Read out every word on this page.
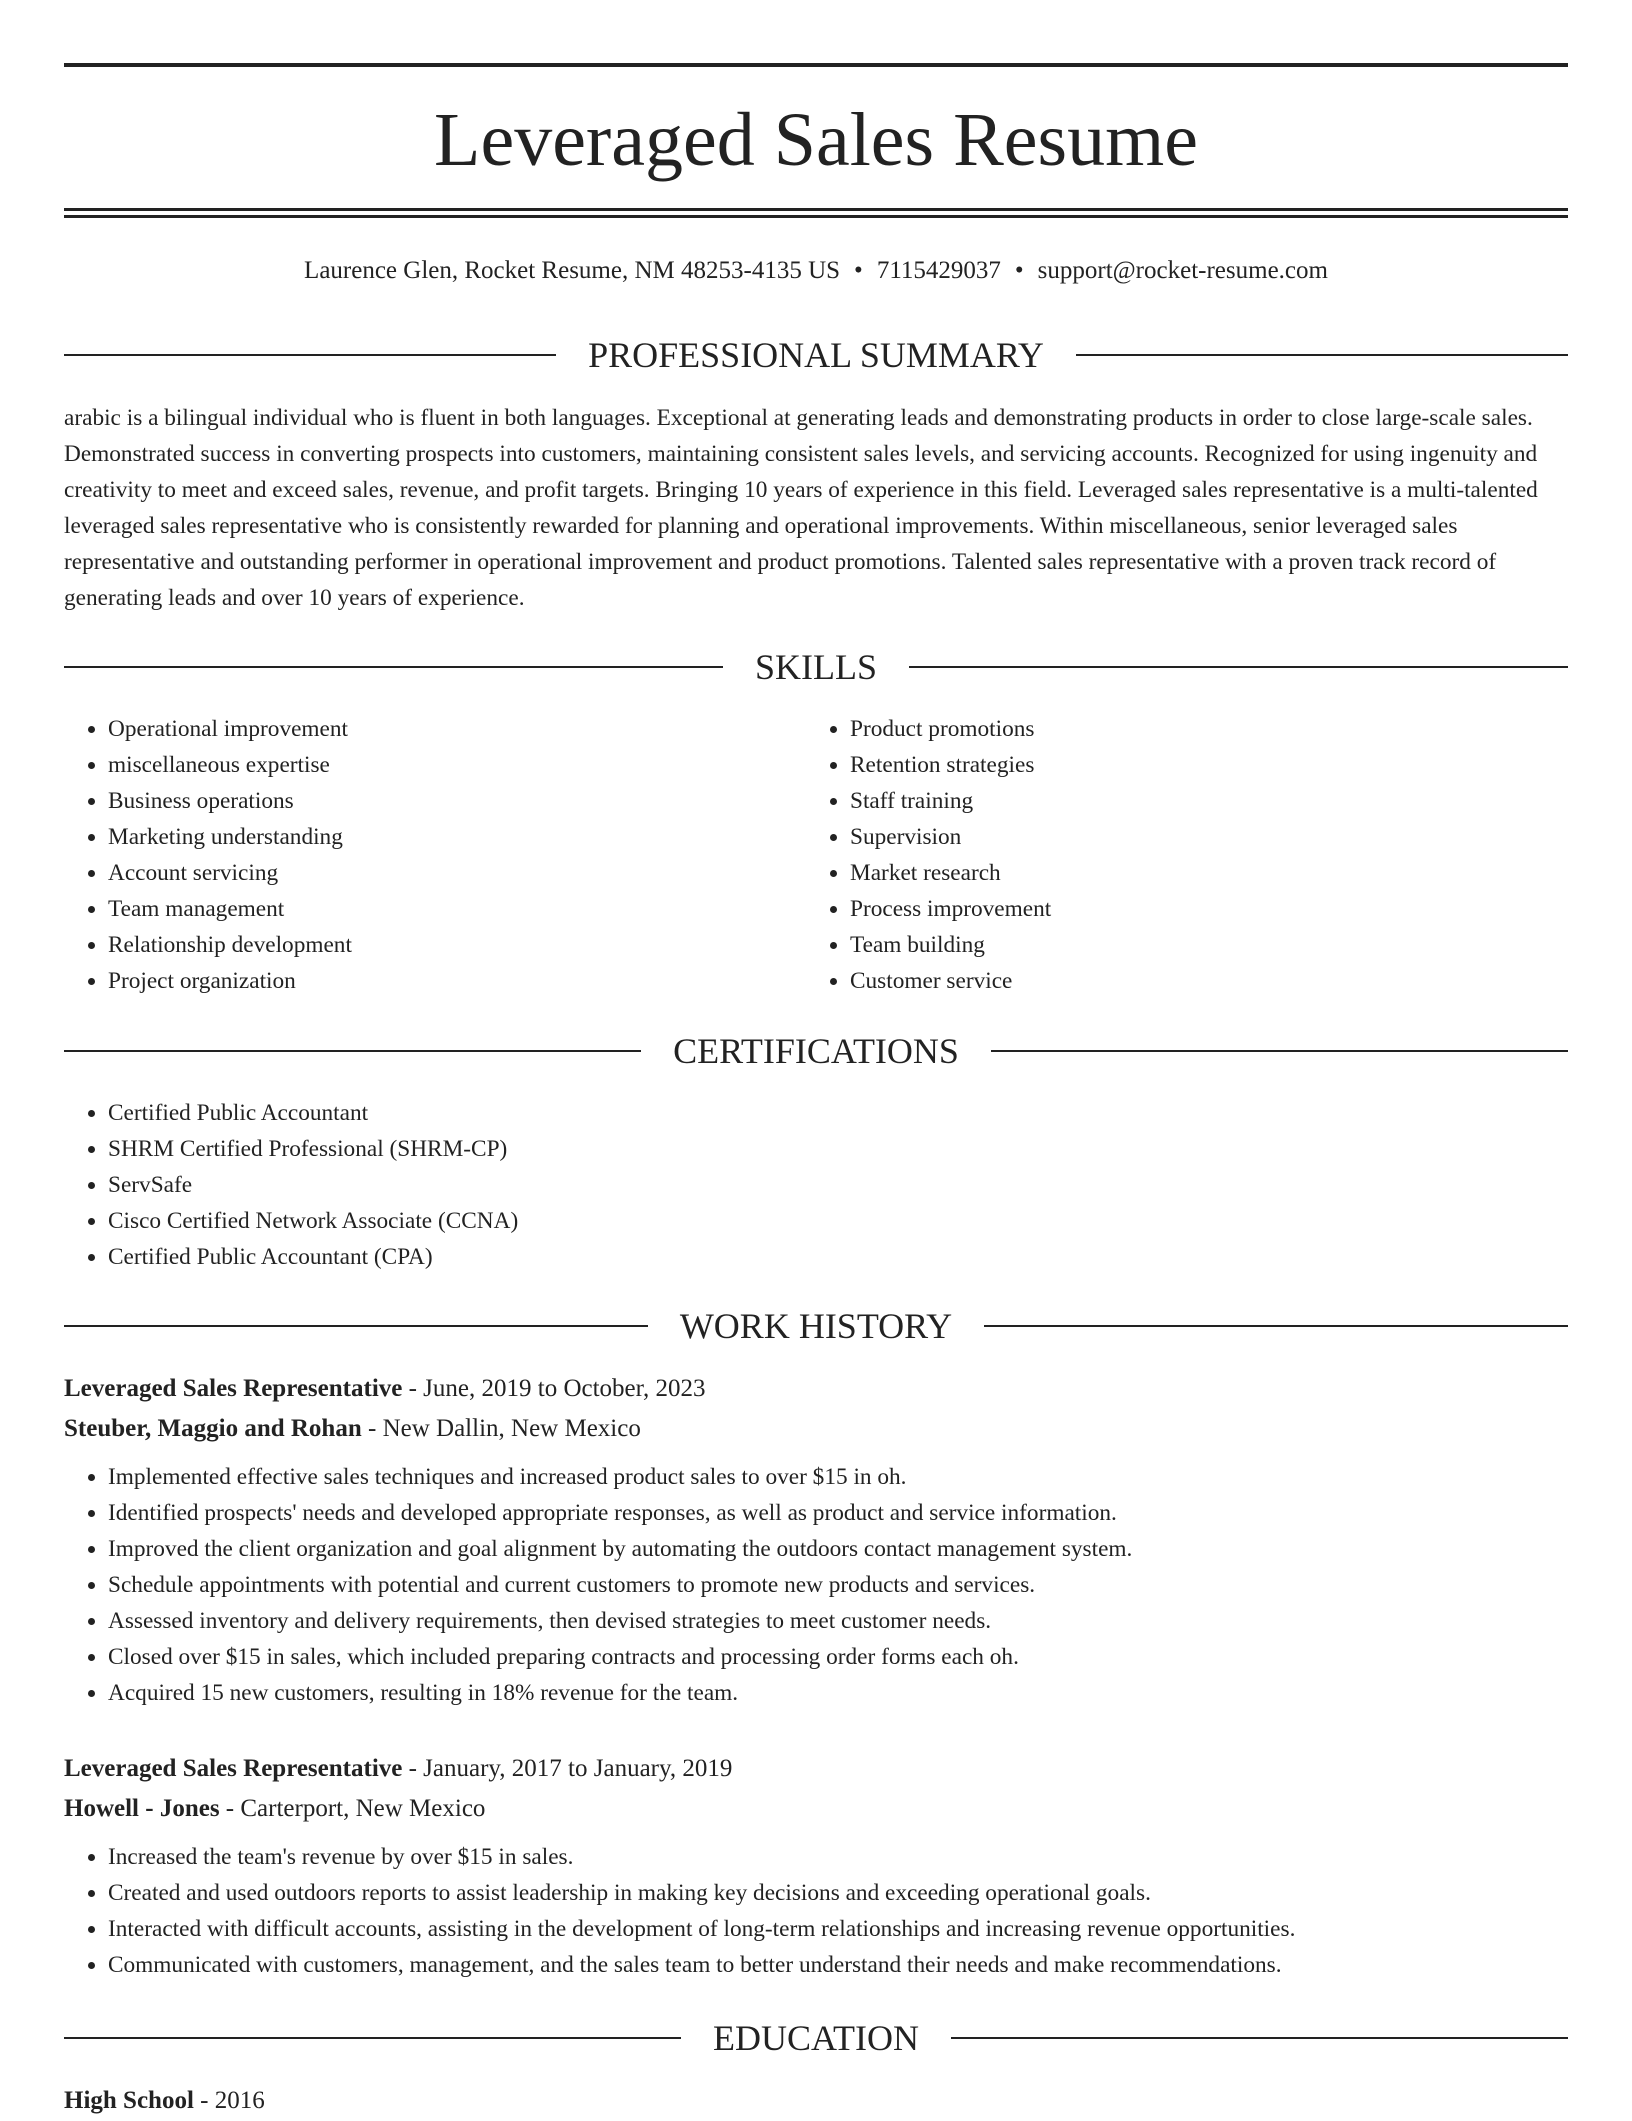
Leveraged Sales Resume
Laurence Glen, Rocket Resume, NM 48253-4135 US • 7115429037 • support@rocket-resume.com
PROFESSIONAL SUMMARY

arabic is a bilingual individual who is fluent in both languages. Exceptional at generating leads and demonstrating products in order to close large-scale sales. Demonstrated success in converting prospects into customers, maintaining consistent sales levels, and servicing accounts. Recognized for using ingenuity and creativity to meet and exceed sales, revenue, and profit targets. Bringing 10 years of experience in this field. Leveraged sales representative is a multi-talented leveraged sales representative who is consistently rewarded for planning and operational improvements. Within miscellaneous, senior leveraged sales representative and outstanding performer in operational improvement and product promotions. Talented sales representative with a proven track record of generating leads and over 10 years of experience.

SKILLS
• Operational improvement
• miscellaneous expertise
• Business operations
• Marketing understanding
• Account servicing
• Team management
• Relationship development
• Project organization
• Product promotions
• Retention strategies
• Staff training
• Supervision
• Market research
• Process improvement
• Team building
• Customer service
CERTIFICATIONS
• Certified Public Accountant
• SHRM Certified Professional (SHRM-CP)
• ServSafe
• Cisco Certified Network Associate (CCNA)
• Certified Public Accountant (CPA)
WORK HISTORY
Leveraged Sales Representative - June, 2019 to October, 2023
Steuber, Maggio and Rohan - New Dallin, New Mexico
• Implemented effective sales techniques and increased product sales to over $15 in oh.
• Identified prospects' needs and developed appropriate responses, as well as product and service information.
• Improved the client organization and goal alignment by automating the outdoors contact management system.
• Schedule appointments with potential and current customers to promote new products and services.
• Assessed inventory and delivery requirements, then devised strategies to meet customer needs.
• Closed over $15 in sales, which included preparing contracts and processing order forms each oh.
• Acquired 15 new customers, resulting in 18% revenue for the team.
Leveraged Sales Representative - January, 2017 to January, 2019
Howell - Jones - Carterport, New Mexico
• Increased the team's revenue by over $15 in sales.
• Created and used outdoors reports to assist leadership in making key decisions and exceeding operational goals.
• Interacted with difficult accounts, assisting in the development of long-term relationships and increasing revenue opportunities.
• Communicated with customers, management, and the sales team to better understand their needs and make recommendations.
EDUCATION
High School - 2016
